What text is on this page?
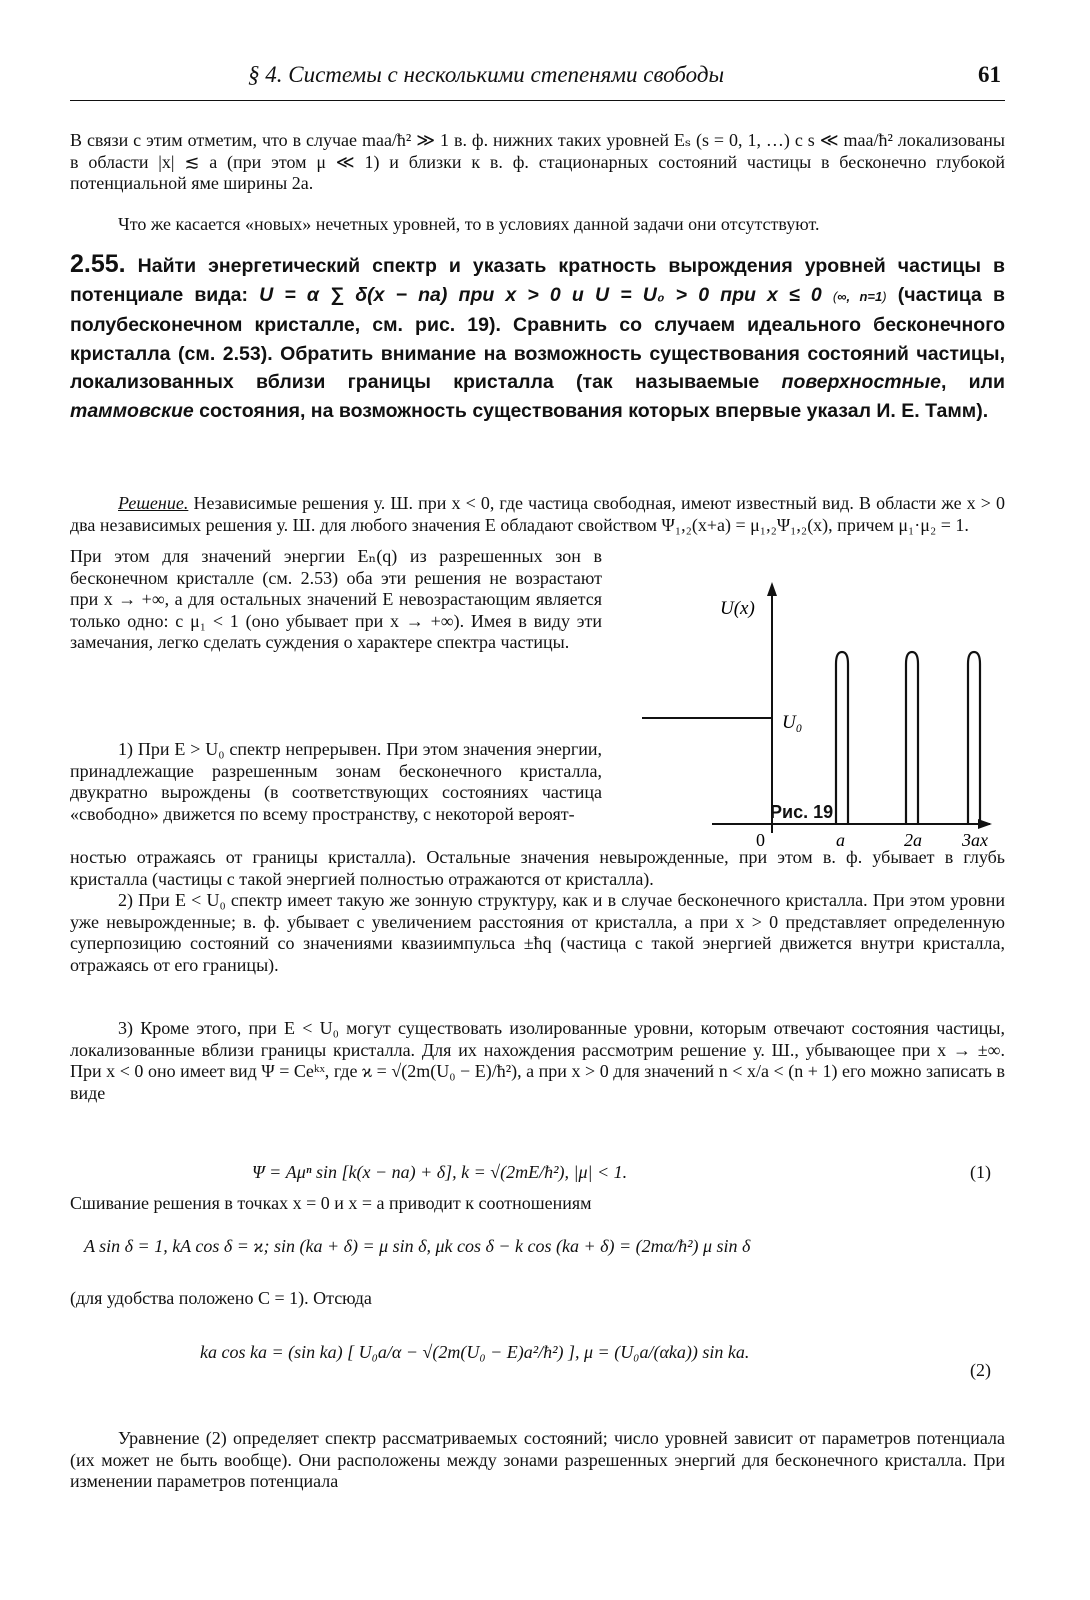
§ 4. Системы с несколькими степенями свободы	61

В связи с этим отметим, что в случае maa/ħ² ≫ 1 в. ф. нижних таких уровней Eₛ (s = 0, 1, …) с s ≪ maa/ħ² локализованы в области |x| ≲ a (при этом μ ≪ 1) и близки к в. ф. стационарных состояний частицы в бесконечно глубокой потенциальной яме ширины 2a.

Что же касается «новых» нечетных уровней, то в условиях данной задачи они отсутствуют.

2.55. Найти энергетический спектр и указать кратность вырождения уровней частицы в потенциале вида: U = α ∑ δ(x − na) при x > 0 и U = U₀ > 0 при x ≤ 0 (∞, n=1) (частица в полубесконечном кристалле, см. рис. 19). Сравнить со случаем идеального бесконечного кристалла (см. 2.53). Обратить внимание на возможность существования состояний частицы, локализованных вблизи границы кристалла (так называемые поверхностные, или таммовские состояния, на возможность существования которых впервые указал И. Е. Тамм).

Решение. Независимые решения у. Ш. при x < 0, где частица свободная, имеют известный вид. В области же x > 0 два независимых решения у. Ш. для любого значения E обладают свойством Ψ₁,₂(x+a) = μ₁,₂Ψ₁,₂(x), причем μ₁·μ₂ = 1.

При этом для значений энергии Eₙ(q) из разрешенных зон в бесконечном кристалле (см. 2.53) оба эти решения не возрастают при x → +∞, а для остальных значений E невозрастающим является только одно: с μ₁ < 1 (оно убывает при x → +∞). Имея в виду эти замечания, легко сделать суждения о характере спектра частицы.

1) При E > U₀ спектр непрерывен. При этом значения энергии, принадлежащие разрешенным зонам бесконечного кристалла, двукратно вырождены (в соответствующих состояниях частица «свободно» движется по всему пространству, с некоторой вероят-

U(x)
U₀
0	a	2a 3a x
Рис. 19

ностью отражаясь от границы кристалла). Остальные значения невырожденные, при этом в. ф. убывает в глубь кристалла (частицы с такой энергией полностью отражаются от кристалла).

2) При E < U₀ спектр имеет такую же зонную структуру, как и в случае бесконечного кристалла. При этом уровни уже невырожденные; в. ф. убывает с увеличением расстояния от кристалла, а при x > 0 представляет определенную суперпозицию состояний со значениями квазиимпульса ±ħq (частица с такой энергией движется внутри кристалла, отражаясь от его границы).

3) Кроме этого, при E < U₀ могут существовать изолированные уровни, которым отвечают состояния частицы, локализованные вблизи границы кристалла. Для их нахождения рассмотрим решение у. Ш., убывающее при x → ±∞. При x < 0 оно имеет вид Ψ = Ceᵏˣ, где ϰ = √(2m(U₀ − E)/ħ²), а при x > 0 для значений n < x/a < (n + 1) его можно записать в виде

Ψ = Aμⁿ sin [k(x − na) + δ], k = √(2mE/ħ²), |μ| < 1.	(1)

Сшивание решения в точках x = 0 и x = a приводит к соотношениям

A sin δ = 1, kA cos δ = ϰ; sin (ka + δ) = μ sin δ, μk cos δ − k cos (ka + δ) = (2mα/ħ²) μ sin δ

(для удобства положено C = 1). Отсюда

ka cos ka = (sin ka) [ U₀a/α − √(2m(U₀ − E)a²/ħ²) ], μ = (U₀a/(αka)) sin ka.
(2)

Уравнение (2) определяет спектр рассматриваемых состояний; число уровней зависит от параметров потенциала (их может не быть вообще). Они расположены между зонами разрешенных энергий для бесконечного кристалла. При изменении параметров потенциала
